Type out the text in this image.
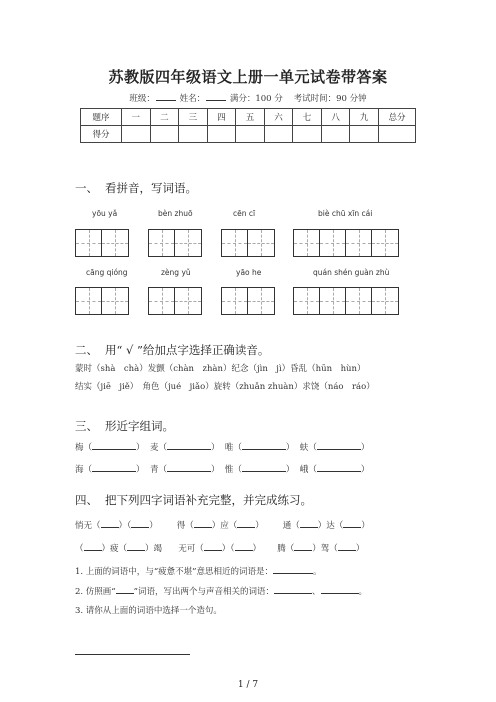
苏教版四年级语文上册一单元试卷带答案
班级：	姓名：	满分：100 分 考试时间：90 分钟
题序	一	二	三	四	五	六	七	八	九	总分
得分										
一、 看拼音，写词语。
yōu yǎ	bèn zhuō	cēn cī	biè chū xīn cái
cāng qióng	zèng yǔ	yāo he	quán shén guàn zhù
二、 用“ √ ”给加点字选择正确读音。
蒙时（shà　chà）发颤（chàn　zhàn）纪念（jìn　jì）昏乱（hūn　hùn）
结实（jiē　jiě）　角色（jué　jiǎo）旋转（zhuǎn zhuàn）求饶（náo　ráo）
三、 形近字组词。
梅（	） 麦（	） 唯（	） 蚨（	）
海（	） 青（	） 惟（	） 峨（	）
四、 把下列四字词语补充完整，并完成练习。
悄无（ ）（ ） 得（ ）应（ ） 通（ ）达（ ）
（ ）疲（ ）竭 无可（ ）（ ） 腾（ ）驾（ ）
1. 上面的词语中，与“疲惫不堪”意思相近的词语是：	。
2. 仿照画“ ”词语，写出两个与声音相关的词语：	、	。
3. 请你从上面的词语中选择一个造句。
1 / 7
